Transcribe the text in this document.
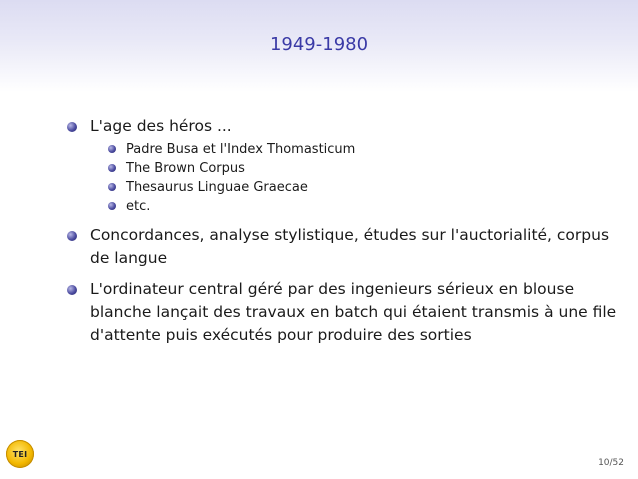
1949-1980
L'age des héros ...
Padre Busa et l'Index Thomasticum
The Brown Corpus
Thesaurus Linguae Graecae
etc.
Concordances, analyse stylistique, études sur l'auctorialité, corpus de langue
L'ordinateur central géré par des ingenieurs sérieux en blouse blanche lançait des travaux en batch qui étaient transmis à une file d'attente puis exécutés pour produire des sorties
TEI
10/52
